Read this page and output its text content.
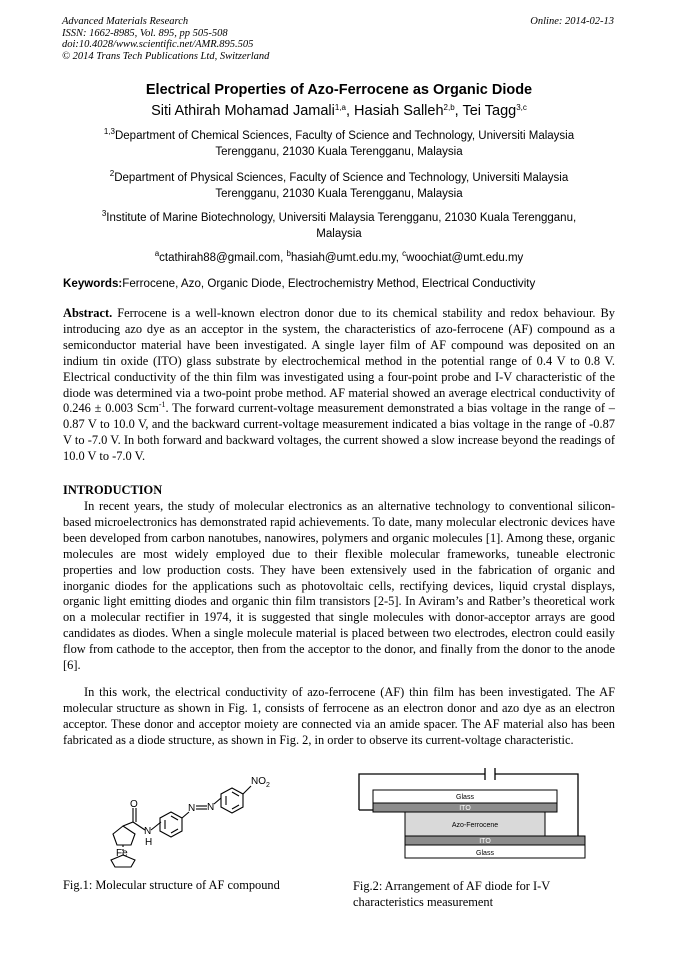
Advanced Materials Research
ISSN: 1662-8985, Vol. 895, pp 505-508
doi:10.4028/www.scientific.net/AMR.895.505
© 2014 Trans Tech Publications Ltd, Switzerland
Online: 2014-02-13
Electrical Properties of Azo-Ferrocene as Organic Diode
Siti Athirah Mohamad Jamali$^{1,a}$, Hasiah Salleh$^{2,b}$, Tei Tagg$^{3,c}$
$^{1,3}$Department of Chemical Sciences, Faculty of Science and Technology, Universiti Malaysia
Terengganu, 21030 Kuala Terengganu, Malaysia
$^2$Department of Physical Sciences, Faculty of Science and Technology, Universiti Malaysia
Terengganu, 21030 Kuala Terengganu, Malaysia
$^3$Institute of Marine Biotechnology, Universiti Malaysia Terengganu, 21030 Kuala Terengganu,
Malaysia
$^a$ctathirah88@gmail.com, $^b$hasiah@umt.edu.my, $^c$woochiat@umt.edu.my
Keywords:Ferrocene, Azo, Organic Diode, Electrochemistry Method, Electrical Conductivity
Abstract. Ferrocene is a well-known electron donor due to its chemical stability and redox behaviour. By introducing azo dye as an acceptor in the system, the characteristics of azo-ferrocene (AF) compound as a semiconductor material have been investigated. A single layer film of AF compound was deposited on an indium tin oxide (ITO) glass substrate by electrochemical method in the potential range of 0.4 V to 0.8 V. Electrical conductivity of the thin film was investigated using a four-point probe and I-V characteristic of the diode was determined via a two-point probe method. AF material showed an average electrical conductivity of 0.246 ± 0.003 Scm$^{-1}$. The forward current-voltage measurement demonstrated a bias voltage in the range of –0.87 V to 10.0 V, and the backward current-voltage measurement indicated a bias voltage in the range of -0.87 V to -7.0 V. In both forward and backward voltages, the current showed a slow increase beyond the readings of 10.0 V to -7.0 V.
INTRODUCTION
In recent years, the study of molecular electronics as an alternative technology to conventional silicon-based microelectronics has demonstrated rapid achievements. To date, many molecular electronic devices have been developed from carbon nanotubes, nanowires, polymers and organic molecules [1]. Among these, organic molecules are most widely employed due to their flexible molecular frameworks, tuneable electronic properties and low production costs. They have been extensively used in the fabrication of organic and inorganic diodes for the applications such as photovoltaic cells, rectifying devices, liquid crystal displays, organic light emitting diodes and organic thin film transistors [2-5]. In Aviram’s and Ratber’s theoretical work on a molecular rectifier in 1974, it is suggested that single molecules with donor-acceptor arrays are good candidates as diodes. When a single molecule material is placed between two electrodes, electron could easily flow from cathode to the acceptor, then from the acceptor to the donor, and finally from the donor to the anode [6].
In this work, the electrical conductivity of azo-ferrocene (AF) thin film has been investigated. The AF molecular structure as shown in Fig. 1, consists of ferrocene as an electron donor and azo dye as an electron acceptor. These donor and acceptor moiety are connected via an amide spacer. The AF material also has been fabricated as a diode structure, as shown in Fig. 2, in order to observe its current-voltage characteristic.
O
N
H
N N
$NO_2$
Fe
Fig.1: Molecular structure of AF compound
Glass
ITO
Azo-Ferrocene
ITO
Glass
Fig.2: Arrangement of AF diode for I-V
characteristics measurement
